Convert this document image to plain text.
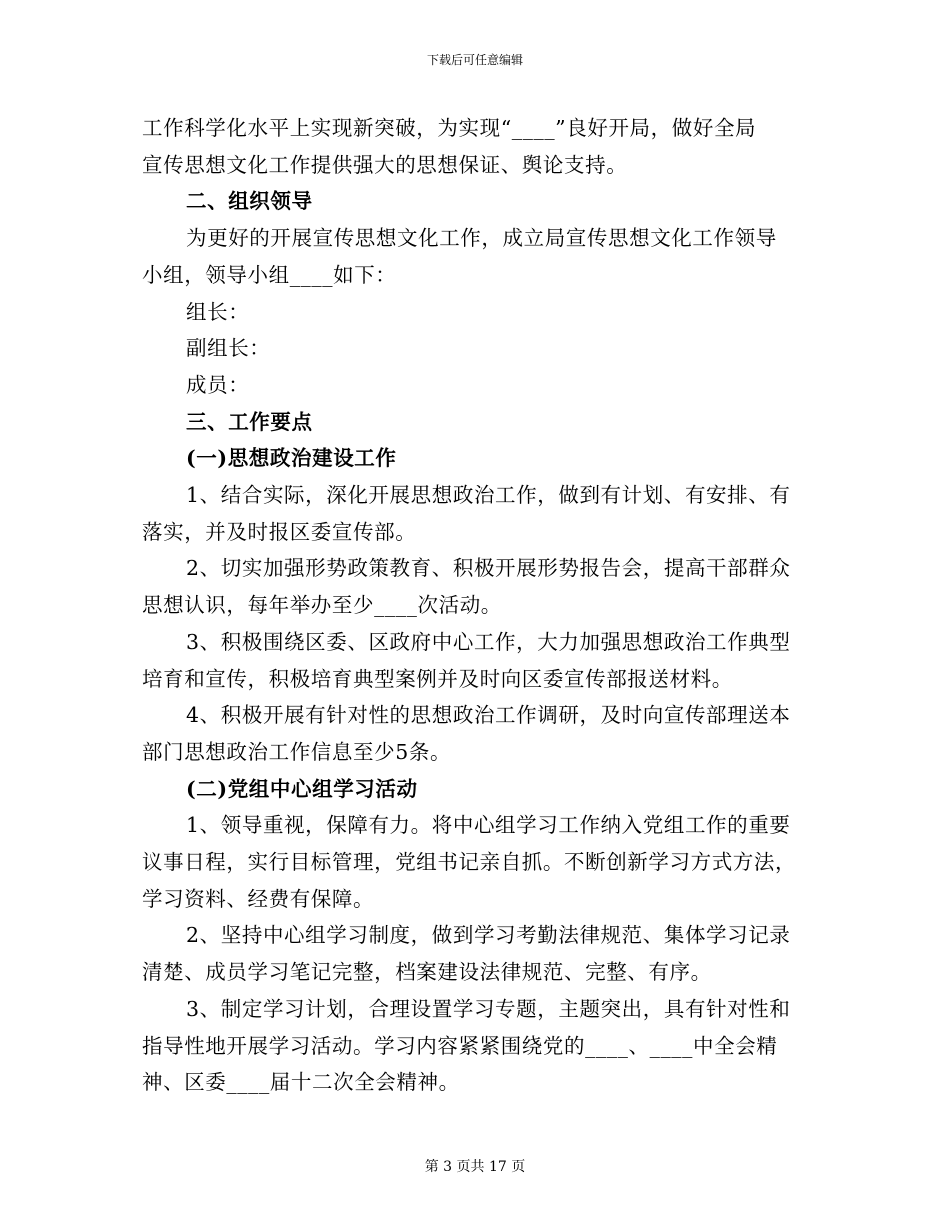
下载后可任意编辑
工作科学化水平上实现新突破，为实现“____”良好开局，做好全局
宣传思想文化工作提供强大的思想保证、舆论支持。
二、组织领导
为更好的开展宣传思想文化工作，成立局宣传思想文化工作领导
小组，领导小组____如下：
组长：
副组长：
成员：
三、工作要点
(一)思想政治建设工作
1、结合实际，深化开展思想政治工作，做到有计划、有安排、有
落实，并及时报区委宣传部。
2、切实加强形势政策教育、积极开展形势报告会，提高干部群众
思想认识，每年举办至少____次活动。
3、积极围绕区委、区政府中心工作，大力加强思想政治工作典型
培育和宣传，积极培育典型案例并及时向区委宣传部报送材料。
4、积极开展有针对性的思想政治工作调研，及时向宣传部理送本
部门思想政治工作信息至少5条。
(二)党组中心组学习活动
1、领导重视，保障有力。将中心组学习工作纳入党组工作的重要
议事日程，实行目标管理，党组书记亲自抓。不断创新学习方式方法，
学习资料、经费有保障。
2、坚持中心组学习制度，做到学习考勤法律规范、集体学习记录
清楚、成员学习笔记完整，档案建设法律规范、完整、有序。
3、制定学习计划，合理设置学习专题，主题突出，具有针对性和
指导性地开展学习活动。学习内容紧紧围绕党的____、____中全会精
神、区委____届十二次全会精神。
第 3 页共 17 页
